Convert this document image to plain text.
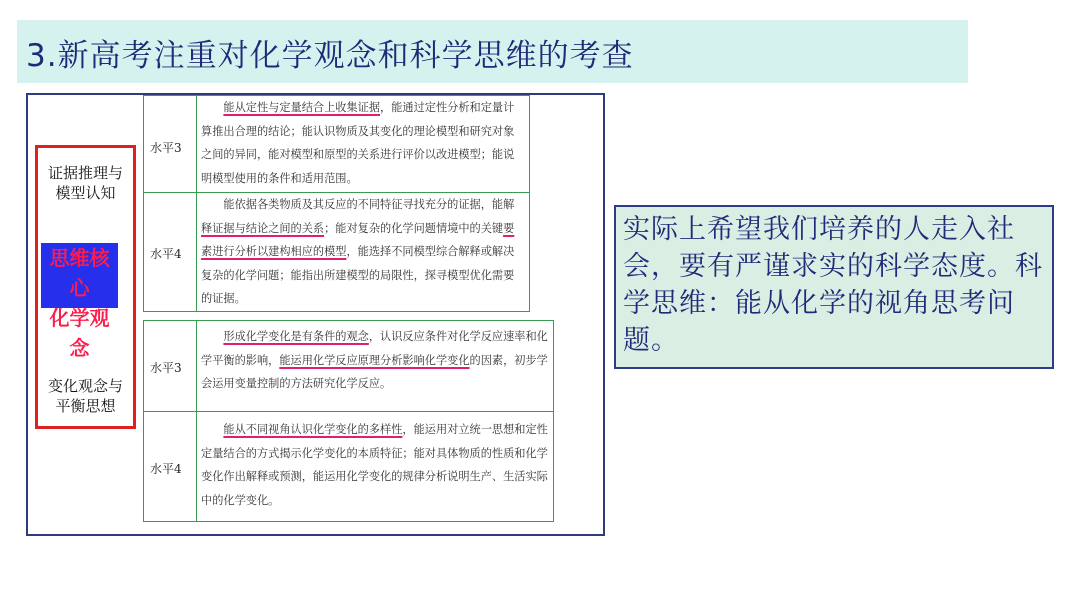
3.新高考注重对化学观念和科学思维的考查
证据推理与
模型认知
思维核心
化学观念
变化观念与
平衡思想
水平3
能从定性与定量结合上收集证据，能通过定性分析和定量计算推出合理的结论；能认识物质及其变化的理论模型和研究对象之间的异同，能对模型和原型的关系进行评价以改进模型；能说明模型使用的条件和适用范围。
水平4
能依据各类物质及其反应的不同特征寻找充分的证据，能解释证据与结论之间的关系；能对复杂的化学问题情境中的关键要素进行分析以建构相应的模型，能选择不同模型综合解释或解决复杂的化学问题；能指出所建模型的局限性，探寻模型优化需要的证据。
水平3
形成化学变化是有条件的观念，认识反应条件对化学反应速率和化学平衡的影响，能运用化学反应原理分析影响化学变化的因素，初步学会运用变量控制的方法研究化学反应。
水平4
能从不同视角认识化学变化的多样性，能运用对立统一思想和定性定量结合的方式揭示化学变化的本质特征；能对具体物质的性质和化学变化作出解释或预测，能运用化学变化的规律分析说明生产、生活实际中的化学变化。
实际上希望我们培养的人走入社会，要有严谨求实的科学态度。科学思维：能从化学的视角思考问题。
